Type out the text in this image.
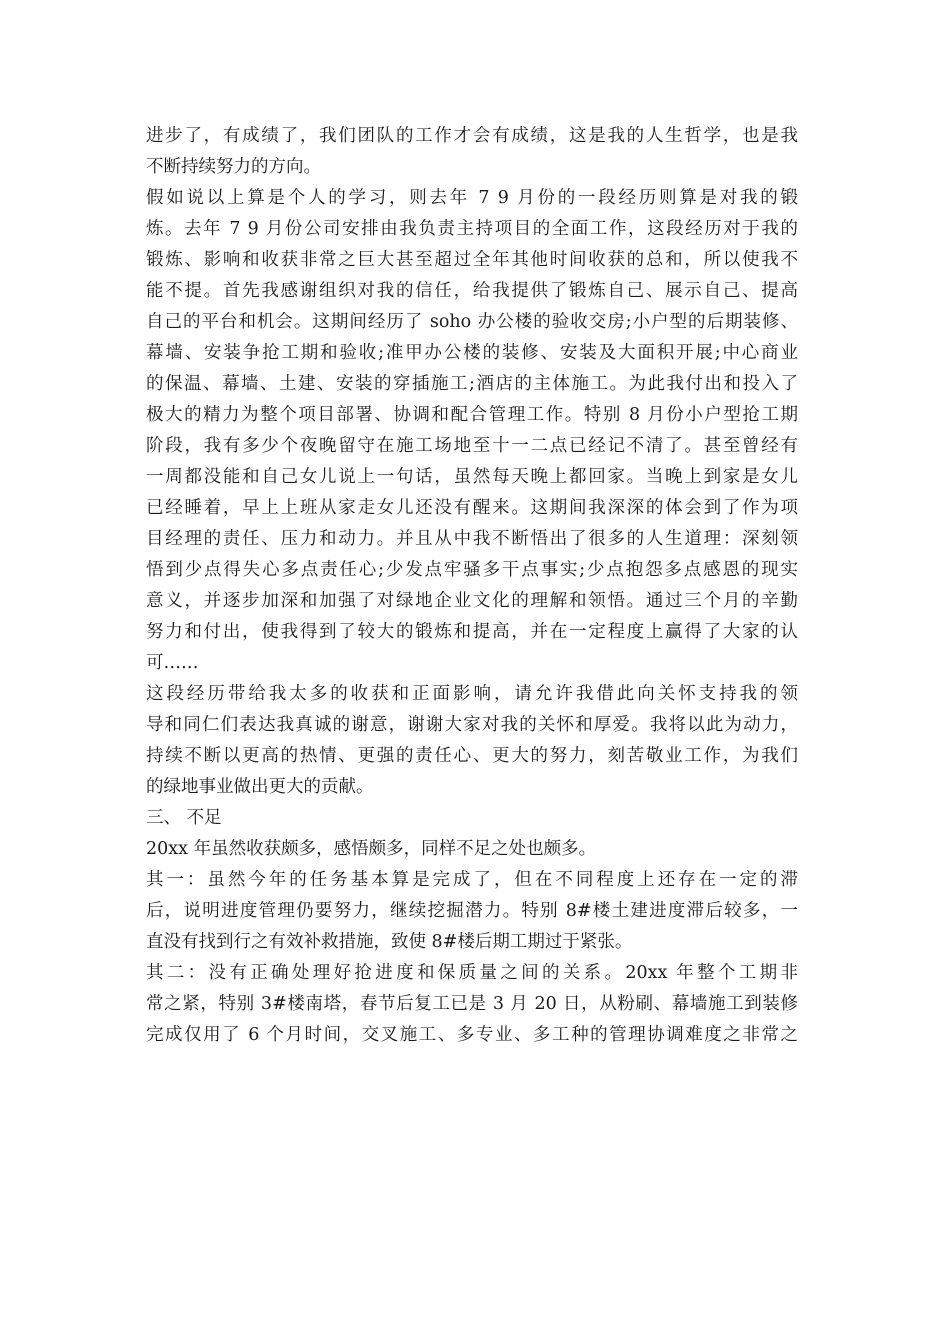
进步了，有成绩了，我们团队的工作才会有成绩，这是我的人生哲学，也是我
不断持续努力的方向。
假如说以上算是个人的学习，则去年 7 9 月份的一段经历则算是对我的锻
炼。去年 7 9 月份公司安排由我负责主持项目的全面工作，这段经历对于我的
锻炼、影响和收获非常之巨大甚至超过全年其他时间收获的总和，所以使我不
能不提。首先我感谢组织对我的信任，给我提供了锻炼自己、展示自己、提高
自己的平台和机会。这期间经历了 soho 办公楼的验收交房;小户型的后期装修、
幕墙、安装争抢工期和验收;准甲办公楼的装修、安装及大面积开展;中心商业
的保温、幕墙、土建、安装的穿插施工;酒店的主体施工。为此我付出和投入了
极大的精力为整个项目部署、协调和配合管理工作。特别 8 月份小户型抢工期
阶段，我有多少个夜晚留守在施工场地至十一二点已经记不清了。甚至曾经有
一周都没能和自己女儿说上一句话，虽然每天晚上都回家。当晚上到家是女儿
已经睡着，早上上班从家走女儿还没有醒来。这期间我深深的体会到了作为项
目经理的责任、压力和动力。并且从中我不断悟出了很多的人生道理：深刻领
悟到少点得失心多点责任心;少发点牢骚多干点事实;少点抱怨多点感恩的现实
意义，并逐步加深和加强了对绿地企业文化的理解和领悟。通过三个月的辛勤
努力和付出，使我得到了较大的锻炼和提高，并在一定程度上赢得了大家的认
可……
这段经历带给我太多的收获和正面影响，请允许我借此向关怀支持我的领
导和同仁们表达我真诚的谢意，谢谢大家对我的关怀和厚爱。我将以此为动力，
持续不断以更高的热情、更强的责任心、更大的努力，刻苦敬业工作，为我们
的绿地事业做出更大的贡献。
三、 不足
20xx 年虽然收获颇多，感悟颇多，同样不足之处也颇多。
其一：虽然今年的任务基本算是完成了，但在不同程度上还存在一定的滞
后，说明进度管理仍要努力，继续挖掘潜力。特别 8#楼土建进度滞后较多，一
直没有找到行之有效补救措施，致使 8#楼后期工期过于紧张。
其二：没有正确处理好抢进度和保质量之间的关系。20xx 年整个工期非
常之紧，特别 3#楼南塔，春节后复工已是 3 月 20 日，从粉刷、幕墙施工到装修
完成仅用了 6 个月时间，交叉施工、多专业、多工种的管理协调难度之非常之
